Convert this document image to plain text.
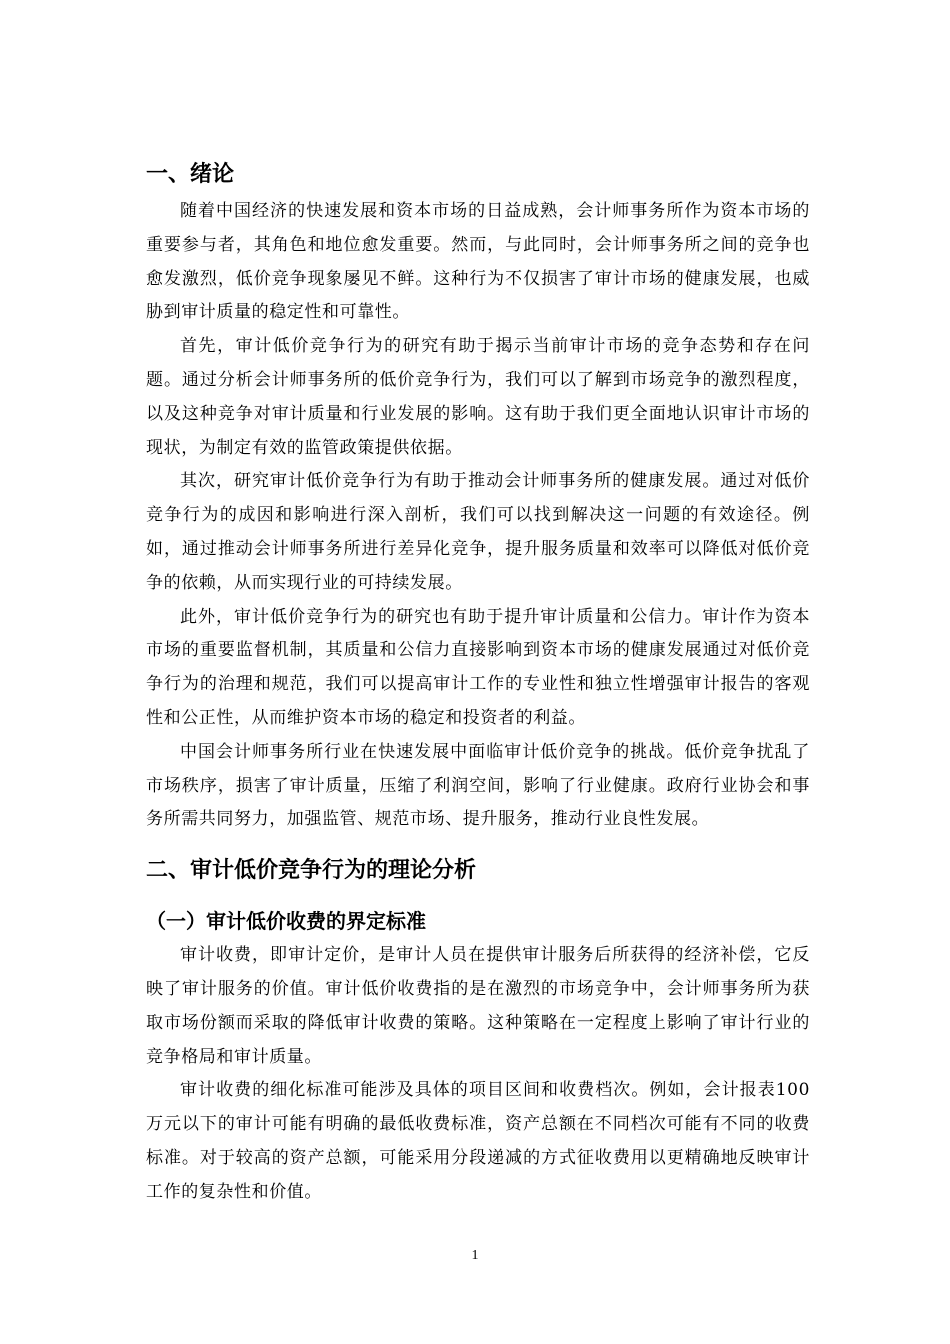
一、绪论

随着中国经济的快速发展和资本市场的日益成熟，会计师事务所作为资本市场的重要参与者，其角色和地位愈发重要。然而，与此同时，会计师事务所之间的竞争也愈发激烈，低价竞争现象屡见不鲜。这种行为不仅损害了审计市场的健康发展，也威胁到审计质量的稳定性和可靠性。

首先，审计低价竞争行为的研究有助于揭示当前审计市场的竞争态势和存在问题。通过分析会计师事务所的低价竞争行为，我们可以了解到市场竞争的激烈程度，以及这种竞争对审计质量和行业发展的影响。这有助于我们更全面地认识审计市场的现状，为制定有效的监管政策提供依据。

其次，研究审计低价竞争行为有助于推动会计师事务所的健康发展。通过对低价竞争行为的成因和影响进行深入剖析，我们可以找到解决这一问题的有效途径。例如，通过推动会计师事务所进行差异化竞争，提升服务质量和效率可以降低对低价竞争的依赖，从而实现行业的可持续发展。

此外，审计低价竞争行为的研究也有助于提升审计质量和公信力。审计作为资本市场的重要监督机制，其质量和公信力直接影响到资本市场的健康发展通过对低价竞争行为的治理和规范，我们可以提高审计工作的专业性和独立性增强审计报告的客观性和公正性，从而维护资本市场的稳定和投资者的利益。

中国会计师事务所行业在快速发展中面临审计低价竞争的挑战。低价竞争扰乱了市场秩序，损害了审计质量，压缩了利润空间，影响了行业健康。政府行业协会和事务所需共同努力，加强监管、规范市场、提升服务，推动行业良性发展。

二、审计低价竞争行为的理论分析
（一）审计低价收费的界定标准

审计收费，即审计定价，是审计人员在提供审计服务后所获得的经济补偿，它反映了审计服务的价值。审计低价收费指的是在激烈的市场竞争中，会计师事务所为获取市场份额而采取的降低审计收费的策略。这种策略在一定程度上影响了审计行业的竞争格局和审计质量。

审计收费的细化标准可能涉及具体的项目区间和收费档次。例如，会计报表100万元以下的审计可能有明确的最低收费标准，资产总额在不同档次可能有不同的收费标准。对于较高的资产总额，可能采用分段递减的方式征收费用以更精确地反映审计工作的复杂性和价值。

1
